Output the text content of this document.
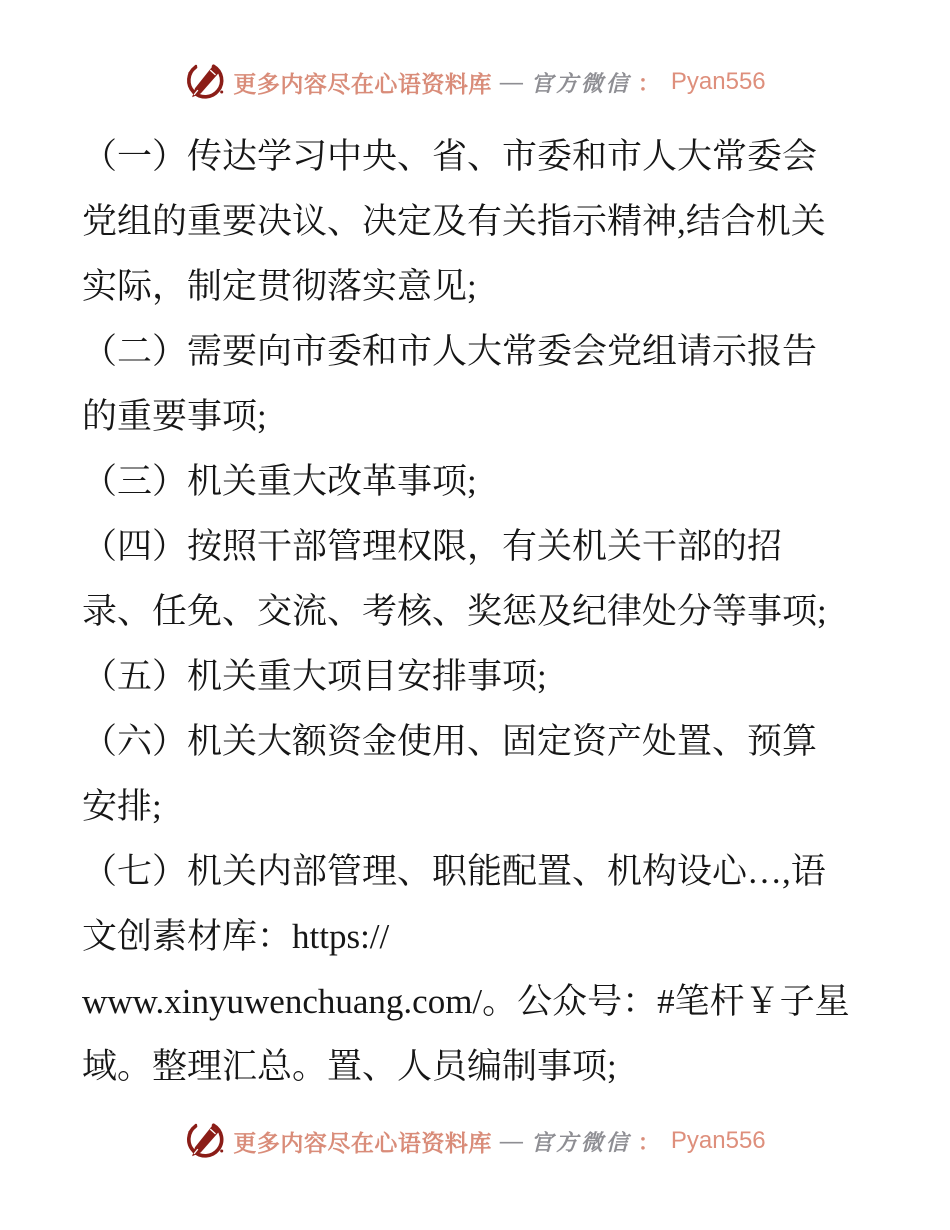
更多内容尽在心语资料库 — 官方微信 ： Pyan556

（一）传达学习中央、省、市委和市人大常委会
党组的重要决议、决定及有关指示精神,结合机关
实际，制定贯彻落实意见;

（二）需要向市委和市人大常委会党组请示报告
的重要事项;

（三）机关重大改革事项;

（四）按照干部管理权限，有关机关干部的招
录、任免、交流、考核、奖惩及纪律处分等事项;

（五）机关重大项目安排事项;

（六）机关大额资金使用、固定资产处置、预算
安排;

（七）机关内部管理、职能配置、机构设心…,语
文创素材库：https://
www.xinyuwenchuang.com/。公众号：#笔杆￥子星
域。整理汇总。置、人员编制事项;

更多内容尽在心语资料库 — 官方微信 ： Pyan556
